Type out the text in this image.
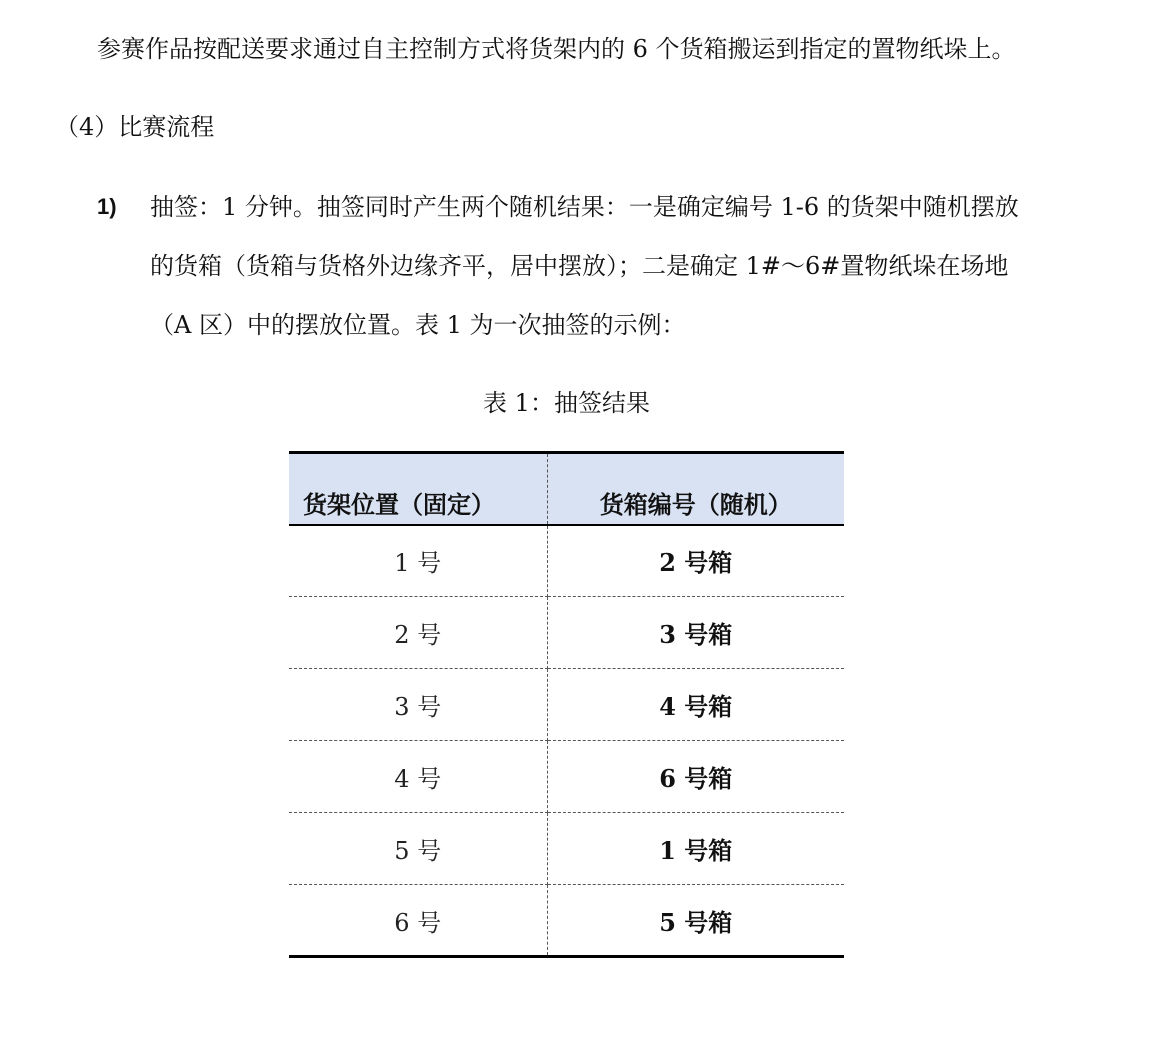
参赛作品按配送要求通过自主控制方式将货架内的 6 个货箱搬运到指定的置物纸垛上。

（4）比赛流程

1) 抽签：1 分钟。抽签同时产生两个随机结果：一是确定编号 1-6 的货架中随机摆放

的货箱（货箱与货格外边缘齐平，居中摆放）；二是确定 1#～6#置物纸垛在场地

（A 区）中的摆放位置。表 1 为一次抽签的示例：

表 1：抽签结果
货架位置（固定）	货箱编号（随机）
1 号	2 号箱
2 号	3 号箱
3 号	4 号箱
4 号	6 号箱
5 号	1 号箱
6 号	5 号箱
